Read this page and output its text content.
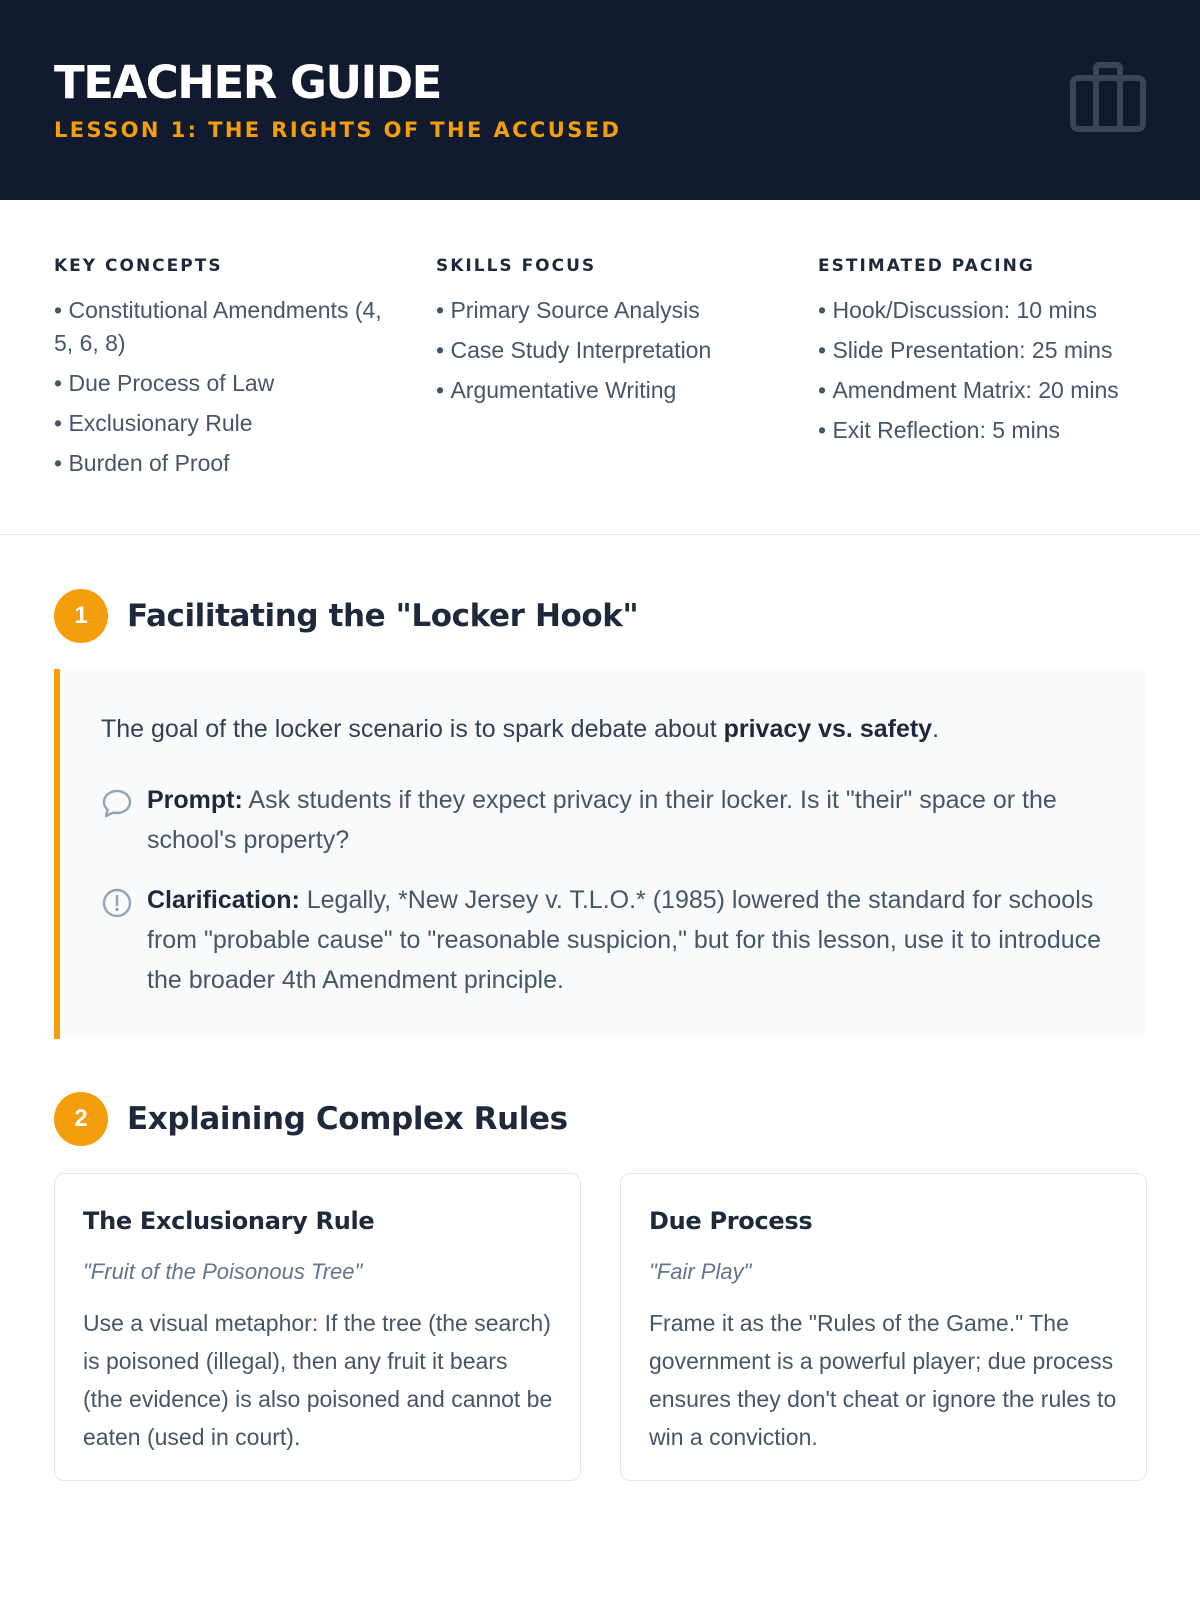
TEACHER GUIDE
LESSON 1: THE RIGHTS OF THE ACCUSED
KEY CONCEPTS
• Constitutional Amendments (4, 5, 6, 8)
• Due Process of Law
• Exclusionary Rule
• Burden of Proof
SKILLS FOCUS
• Primary Source Analysis
• Case Study Interpretation
• Argumentative Writing
ESTIMATED PACING
• Hook/Discussion: 10 mins
• Slide Presentation: 25 mins
• Amendment Matrix: 20 mins
• Exit Reflection: 5 mins
1	Facilitating the "Locker Hook"
The goal of the locker scenario is to spark debate about privacy vs. safety.
Prompt: Ask students if they expect privacy in their locker. Is it "their" space or the school's property?
Clarification: Legally, *New Jersey v. T.L.O.* (1985) lowered the standard for schools from "probable cause" to "reasonable suspicion," but for this lesson, use it to introduce the broader 4th Amendment principle.
2	Explaining Complex Rules
The Exclusionary Rule
"Fruit of the Poisonous Tree"
Use a visual metaphor: If the tree (the search) is poisoned (illegal), then any fruit it bears (the evidence) is also poisoned and cannot be eaten (used in court).
Due Process
"Fair Play"
Frame it as the "Rules of the Game." The government is a powerful player; due process ensures they don't cheat or ignore the rules to win a conviction.
